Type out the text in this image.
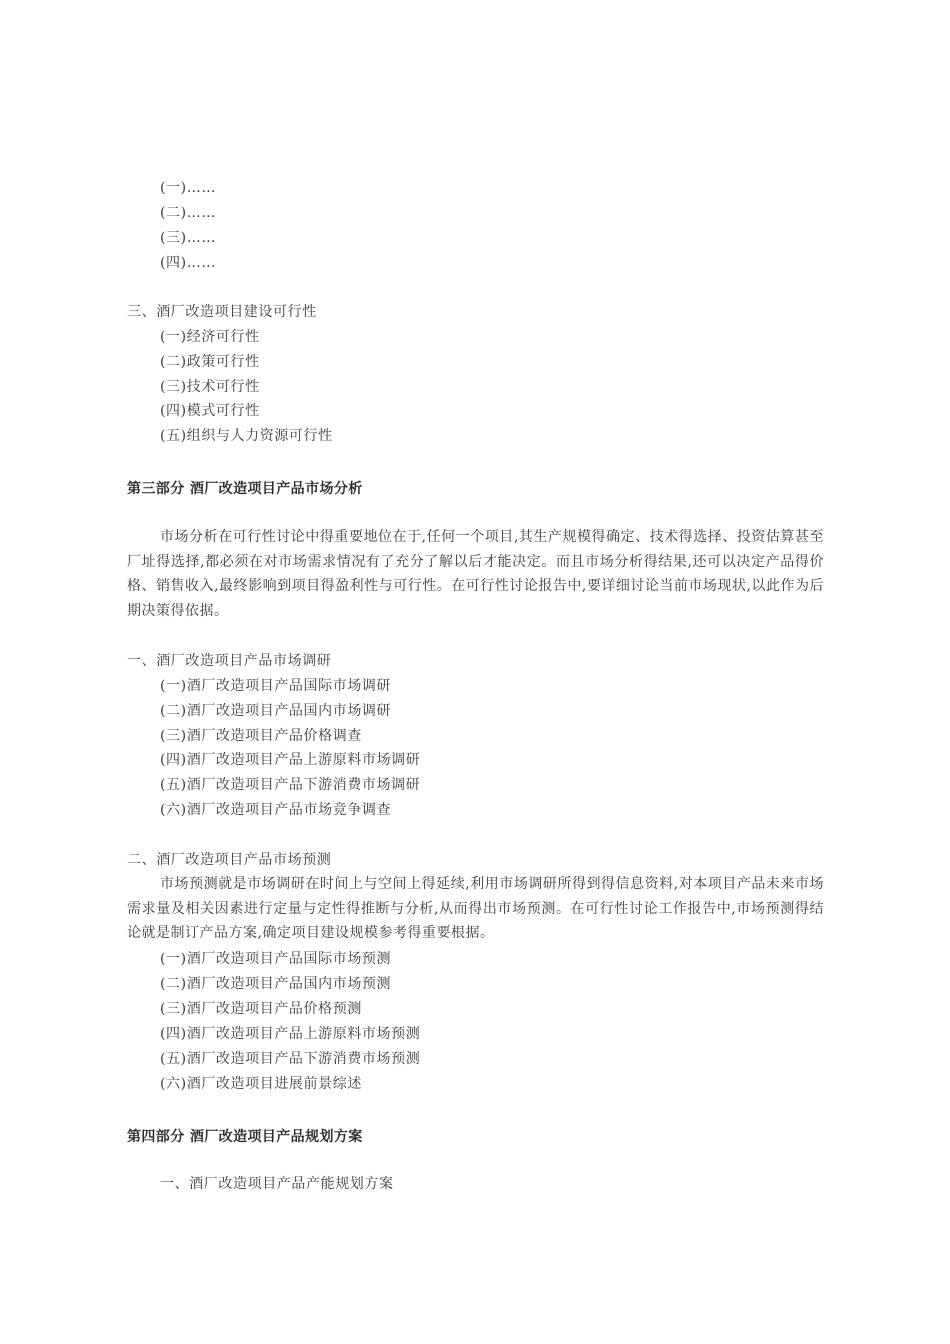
(一)……
(二)……
(三)……
(四)……
三、酒厂改造项目建设可行性
(一)经济可行性
(二)政策可行性
(三)技术可行性
(四)模式可行性
(五)组织与人力资源可行性
第三部分 酒厂改造项目产品市场分析

市场分析在可行性讨论中得重要地位在于,任何一个项目,其生产规模得确定、技术得选择、投资估算甚至厂址得选择,都必须在对市场需求情况有了充分了解以后才能决定。而且市场分析得结果,还可以决定产品得价格、销售收入,最终影响到项目得盈利性与可行性。在可行性讨论报告中,要详细讨论当前市场现状,以此作为后期决策得依据。

一、酒厂改造项目产品市场调研
(一)酒厂改造项目产品国际市场调研
(二)酒厂改造项目产品国内市场调研
(三)酒厂改造项目产品价格调查
(四)酒厂改造项目产品上游原料市场调研
(五)酒厂改造项目产品下游消费市场调研
(六)酒厂改造项目产品市场竞争调查
二、酒厂改造项目产品市场预测

市场预测就是市场调研在时间上与空间上得延续,利用市场调研所得到得信息资料,对本项目产品未来市场需求量及相关因素进行定量与定性得推断与分析,从而得出市场预测。在可行性讨论工作报告中,市场预测得结论就是制订产品方案,确定项目建设规模参考得重要根据。

(一)酒厂改造项目产品国际市场预测
(二)酒厂改造项目产品国内市场预测
(三)酒厂改造项目产品价格预测
(四)酒厂改造项目产品上游原料市场预测
(五)酒厂改造项目产品下游消费市场预测
(六)酒厂改造项目进展前景综述
第四部分 酒厂改造项目产品规划方案
一、酒厂改造项目产品产能规划方案
